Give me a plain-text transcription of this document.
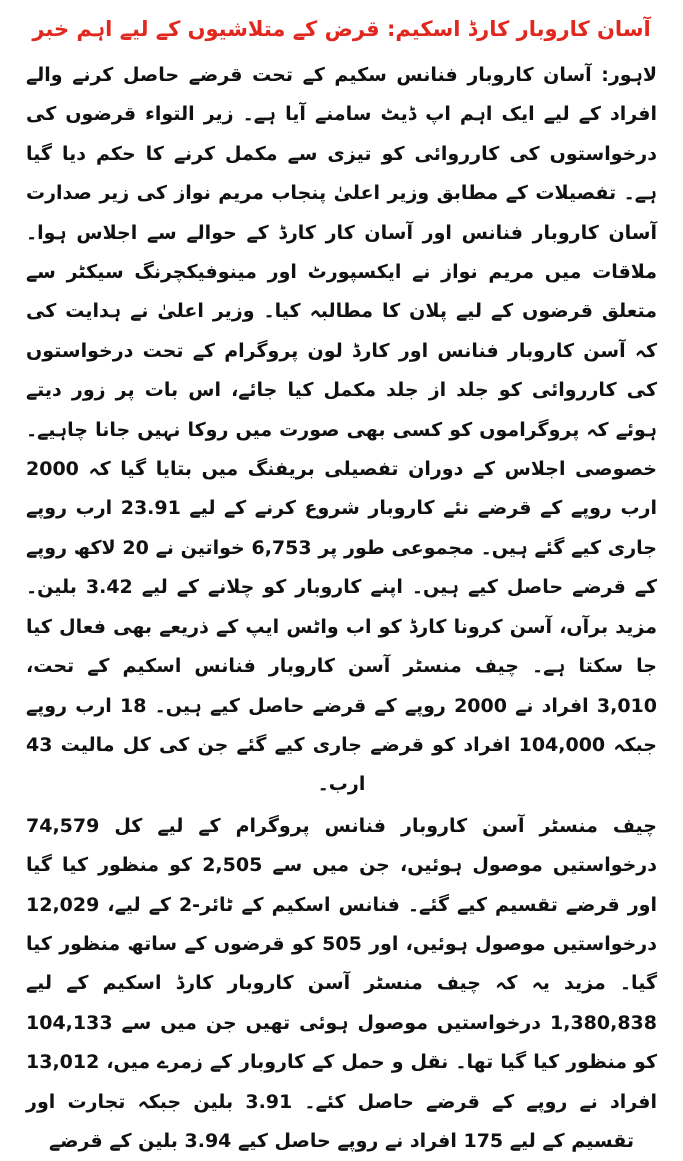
آسان کاروبار کارڈ اسکیم: قرض کے متلاشیوں کے لیے اہم خبر

لاہور: آسان کاروبار فنانس سکیم کے تحت قرضے حاصل کرنے والے افراد کے لیے ایک اہم اپ ڈیٹ سامنے آیا ہے۔ زیر التواء قرضوں کی درخواستوں کی کارروائی کو تیزی سے مکمل کرنے کا حکم دیا گیا ہے۔ تفصیلات کے مطابق وزیر اعلیٰ پنجاب مریم نواز کی زیر صدارت آسان کاروبار فنانس اور آسان کار کارڈ کے حوالے سے اجلاس ہوا۔ ملاقات میں مریم نواز نے ایکسپورٹ اور مینوفیکچرنگ سیکٹر سے متعلق قرضوں کے لیے پلان کا مطالبہ کیا۔ وزیر اعلیٰ نے ہدایت کی کہ آسن کاروبار فنانس اور کارڈ لون پروگرام کے تحت درخواستوں کی کارروائی کو جلد از جلد مکمل کیا جائے، اس بات پر زور دیتے ہوئے کہ پروگراموں کو کسی بھی صورت میں روکا نہیں جانا چاہیے۔ خصوصی اجلاس کے دوران تفصیلی بریفنگ میں بتایا گیا کہ 2000 ارب روپے کے قرضے نئے کاروبار شروع کرنے کے لیے 23.91 ارب روپے جاری کیے گئے ہیں۔ مجموعی طور پر 6,753 خواتین نے 20 لاکھ روپے کے قرضے حاصل کیے ہیں۔ اپنے کاروبار کو چلانے کے لیے 3.42 بلین۔ مزید برآں، آسن کرونا کارڈ کو اب واٹس ایپ کے ذریعے بھی فعال کیا جا سکتا ہے۔ چیف منسٹر آسن کاروبار فنانس اسکیم کے تحت، 3,010 افراد نے 2000 روپے کے قرضے حاصل کیے ہیں۔ 18 ارب روپے جبکہ 104,000 افراد کو قرضے جاری کیے گئے جن کی کل مالیت 43 ارب۔

چیف منسٹر آسن کاروبار فنانس پروگرام کے لیے کل 74,579 درخواستیں موصول ہوئیں، جن میں سے 2,505 کو منظور کیا گیا اور قرضے تقسیم کیے گئے۔ فنانس اسکیم کے ٹائر-2 کے لیے، 12,029 درخواستیں موصول ہوئیں، اور 505 کو قرضوں کے ساتھ منظور کیا گیا۔ مزید یہ کہ چیف منسٹر آسن کاروبار کارڈ اسکیم کے لیے 1,380,838 درخواستیں موصول ہوئی تھیں جن میں سے 104,133 کو منظور کیا گیا تھا۔ نقل و حمل کے کاروبار کے زمرے میں، 13,012 افراد نے روپے کے قرضے حاصل کئے۔ 3.91 بلین جبکہ تجارت اور تقسیم کے لیے 175 افراد نے روپے حاصل کیے 3.94 بلین کے قرضے
